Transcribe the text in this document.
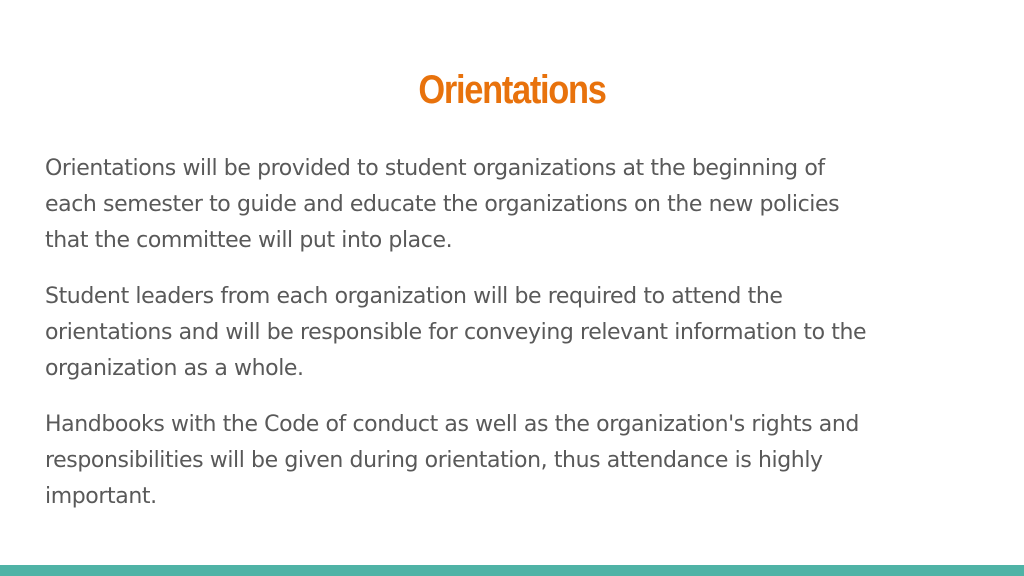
Orientations

Orientations will be provided to student organizations at the beginning of
each semester to guide and educate the organizations on the new policies
that the committee will put into place.

Student leaders from each organization will be required to attend the
orientations and will be responsible for conveying relevant information to the
organization as a whole.

Handbooks with the Code of conduct as well as the organization's rights and
responsibilities will be given during orientation, thus attendance is highly
important.
